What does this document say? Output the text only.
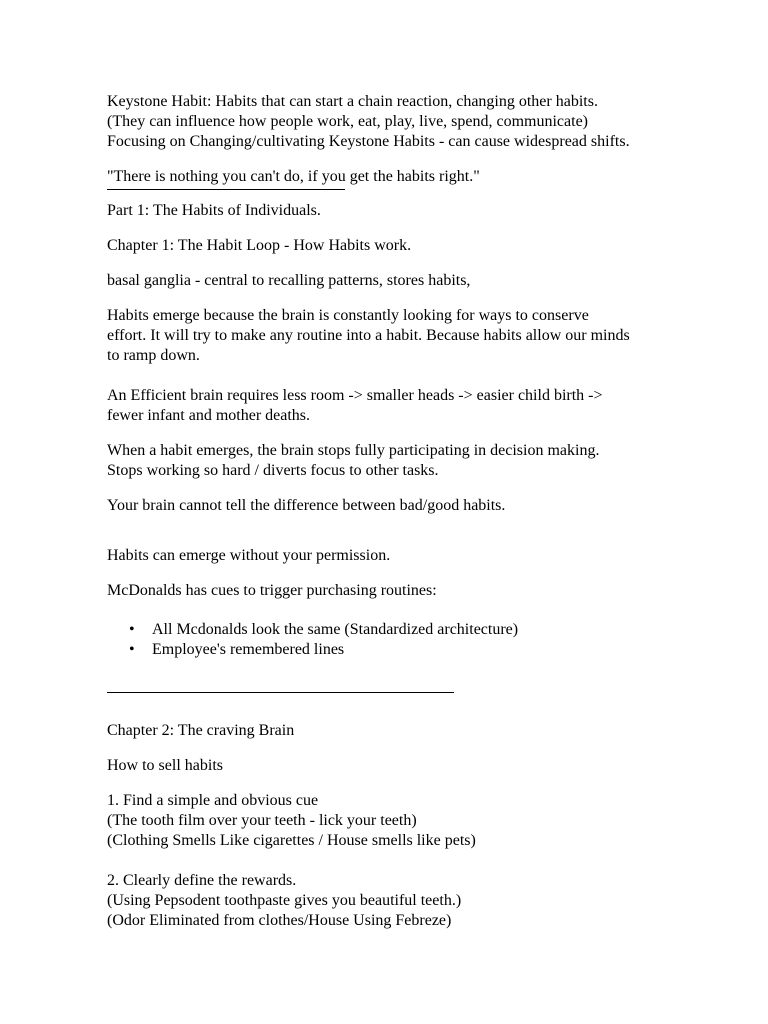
Keystone Habit: Habits that can start a chain reaction, changing other habits.
(They can influence how people work, eat, play, live, spend, communicate)
Focusing on Changing/cultivating Keystone Habits - can cause widespread shifts.
"There is nothing you can't do, if you get the habits right."
Part 1: The Habits of Individuals.
Chapter 1: The Habit Loop - How Habits work.
basal ganglia - central to recalling patterns, stores habits,
Habits emerge because the brain is constantly looking for ways to conserve
effort. It will try to make any routine into a habit. Because habits allow our minds
to ramp down.
An Efficient brain requires less room -> smaller heads -> easier child birth ->
fewer infant and mother deaths.
When a habit emerges, the brain stops fully participating in decision making.
Stops working so hard / diverts focus to other tasks.
Your brain cannot tell the difference between bad/good habits.
Habits can emerge without your permission.
McDonalds has cues to trigger purchasing routines:
• All Mcdonalds look the same (Standardized architecture)
• Employee's remembered lines
Chapter 2: The craving Brain
How to sell habits
1. Find a simple and obvious cue
(The tooth film over your teeth - lick your teeth)
(Clothing Smells Like cigarettes / House smells like pets)
2. Clearly define the rewards.
(Using Pepsodent toothpaste gives you beautiful teeth.)
(Odor Eliminated from clothes/House Using Febreze)
